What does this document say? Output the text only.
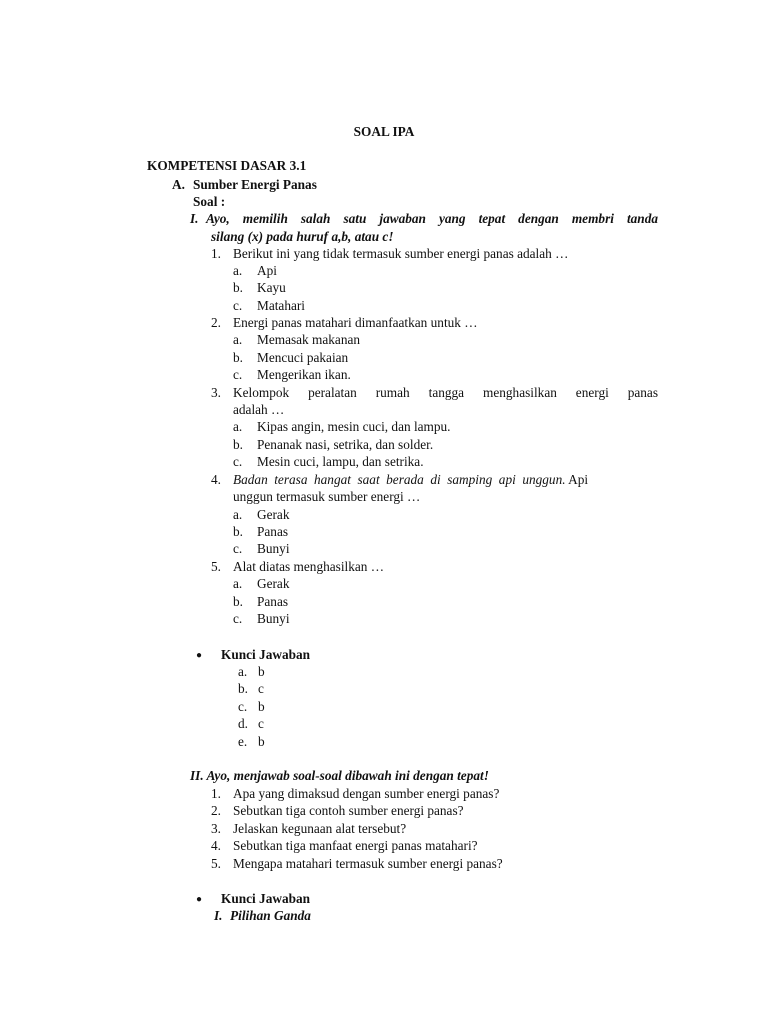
SOAL IPA
KOMPETENSI DASAR 3.1
A. Sumber Energi Panas
Soal :
I. Ayo, memilih salah satu jawaban yang tepat dengan membri tanda
silang (x) pada huruf a,b, atau c!
1. Berikut ini yang tidak termasuk sumber energi panas adalah …
a. Api
b. Kayu
c. Matahari
2. Energi panas matahari dimanfaatkan untuk …
a. Memasak makanan
b. Mencuci pakaian
c. Mengerikan ikan.
3. Kelompok peralatan rumah tangga menghasilkan energi panas
adalah …
a. Kipas angin, mesin cuci, dan lampu.
b. Penanak nasi, setrika, dan solder.
c. Mesin cuci, lampu, dan setrika.
4. Badan terasa hangat saat berada di samping api unggun. Api
unggun termasuk sumber energi …
a. Gerak
b. Panas
c. Bunyi
5. Alat diatas menghasilkan …
a. Gerak
b. Panas
c. Bunyi
● Kunci Jawaban
a. b
b. c
c. b
d. c
e. b
II. Ayo, menjawab soal-soal dibawah ini dengan tepat!
1. Apa yang dimaksud dengan sumber energi panas?
2. Sebutkan tiga contoh sumber energi panas?
3. Jelaskan kegunaan alat tersebut?
4. Sebutkan tiga manfaat energi panas matahari?
5. Mengapa matahari termasuk sumber energi panas?
● Kunci Jawaban
I. Pilihan Ganda
